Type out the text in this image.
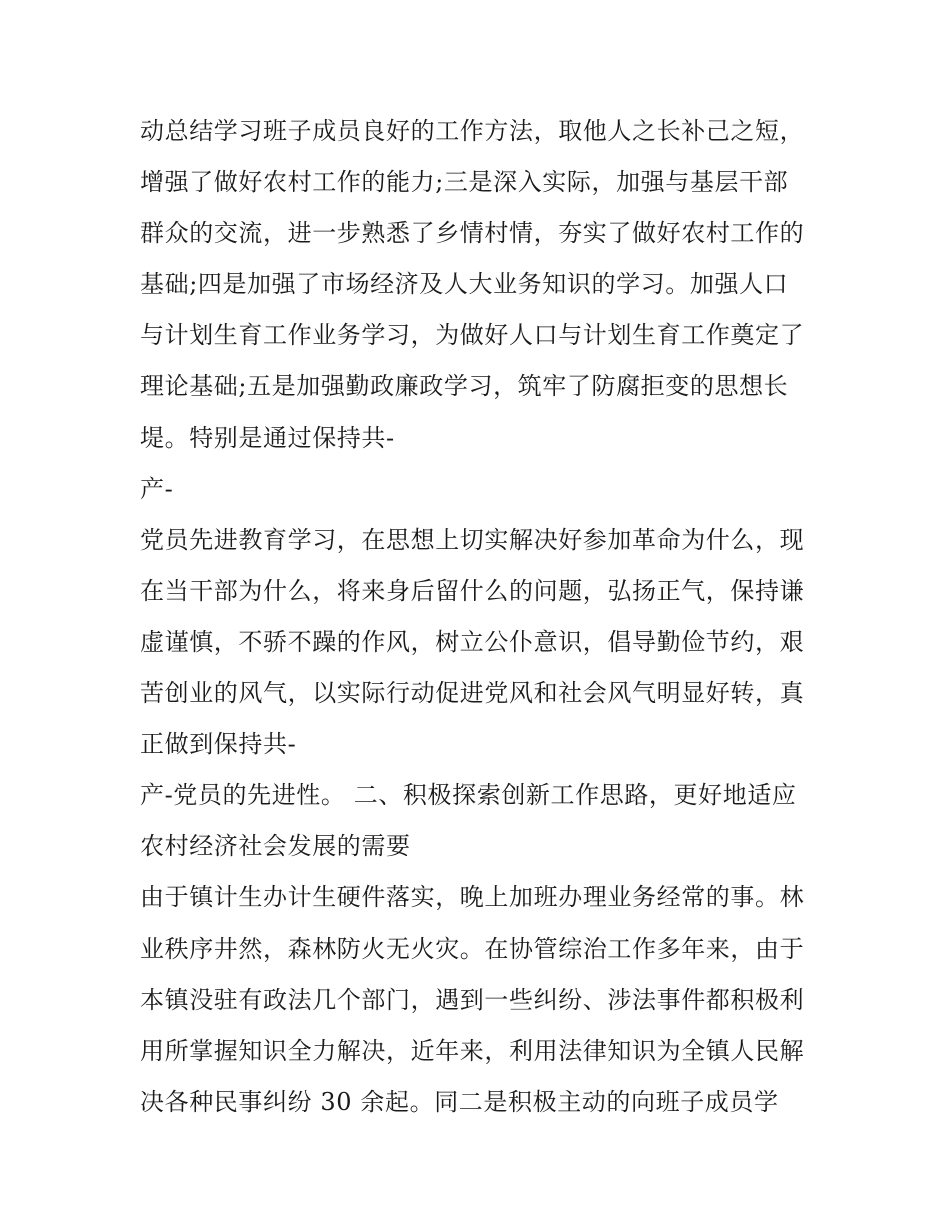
动总结学习班子成员良好的工作方法，取他人之长补己之短，
增强了做好农村工作的能力;三是深入实际，加强与基层干部
群众的交流，进一步熟悉了乡情村情，夯实了做好农村工作的
基础;四是加强了市场经济及人大业务知识的学习。加强人口
与计划生育工作业务学习，为做好人口与计划生育工作奠定了
理论基础;五是加强勤政廉政学习，筑牢了防腐拒变的思想长
堤。特别是通过保持共-
产-
党员先进教育学习，在思想上切实解决好参加革命为什么，现
在当干部为什么，将来身后留什么的问题，弘扬正气，保持谦
虚谨慎，不骄不躁的作风，树立公仆意识，倡导勤俭节约，艰
苦创业的风气，以实际行动促进党风和社会风气明显好转，真
正做到保持共-
产-党员的先进性。 二、积极探索创新工作思路，更好地适应
农村经济社会发展的需要
由于镇计生办计生硬件落实，晚上加班办理业务经常的事。林
业秩序井然，森林防火无火灾。在协管综治工作多年来，由于
本镇没驻有政法几个部门，遇到一些纠纷、涉法事件都积极利
用所掌握知识全力解决，近年来，利用法律知识为全镇人民解
决各种民事纠纷 30 余起。同二是积极主动的向班子成员学
